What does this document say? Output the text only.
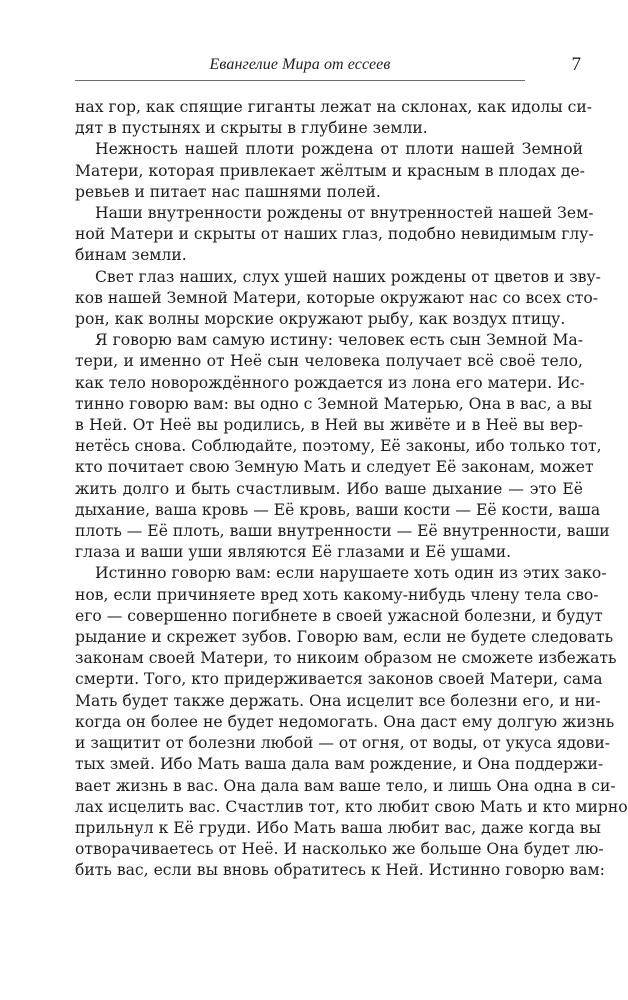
Евангелие Мира от ессеев	7
нах гор, как спящие гиганты лежат на склонах, как идолы си-
дят в пустынях и скрыты в глубине земли.
Нежность нашей плоти рождена от плоти нашей Земной
Матери, которая привлекает жёлтым и красным в плодах де-
ревьев и питает нас пашнями полей.
Наши внутренности рождены от внутренностей нашей Зем-
ной Матери и скрыты от наших глаз, подобно невидимым глу-
бинам земли.
Свет глаз наших, слух ушей наших рождены от цветов и зву-
ков нашей Земной Матери, которые окружают нас со всех сто-
рон, как волны морские окружают рыбу, как воздух птицу.
Я говорю вам самую истину: человек есть сын Земной Ма-
тери, и именно от Неё сын человека получает всё своё тело,
как тело новорождённого рождается из лона его матери. Ис-
тинно говорю вам: вы одно с Земной Матерью, Она в вас, а вы
в Ней. От Неё вы родились, в Ней вы живёте и в Неё вы вер-
нетёсь снова. Соблюдайте, поэтому, Её законы, ибо только тот,
кто почитает свою Земную Мать и следует Её законам, может
жить долго и быть счастливым. Ибо ваше дыхание — это Её
дыхание, ваша кровь — Её кровь, ваши кости — Её кости, ваша
плоть — Её плоть, ваши внутренности — Её внутренности, ваши
глаза и ваши уши являются Её глазами и Её ушами.
Истинно говорю вам: если нарушаете хоть один из этих зако-
нов, если причиняете вред хоть какому-нибудь члену тела сво-
его — совершенно погибнете в своей ужасной болезни, и будут
рыдание и скрежет зубов. Говорю вам, если не будете следовать
законам своей Матери, то никоим образом не сможете избежать
смерти. Того, кто придерживается законов своей Матери, сама
Мать будет также держать. Она исцелит все болезни его, и ни-
когда он более не будет недомогать. Она даст ему долгую жизнь
и защитит от болезни любой — от огня, от воды, от укуса ядови-
тых змей. Ибо Мать ваша дала вам рождение, и Она поддержи-
вает жизнь в вас. Она дала вам ваше тело, и лишь Она одна в си-
лах исцелить вас. Счастлив тот, кто любит свою Мать и кто мирно
прильнул к Её груди. Ибо Мать ваша любит вас, даже когда вы
отворачиваетесь от Неё. И насколько же больше Она будет лю-
бить вас, если вы вновь обратитесь к Ней. Истинно говорю вам:
